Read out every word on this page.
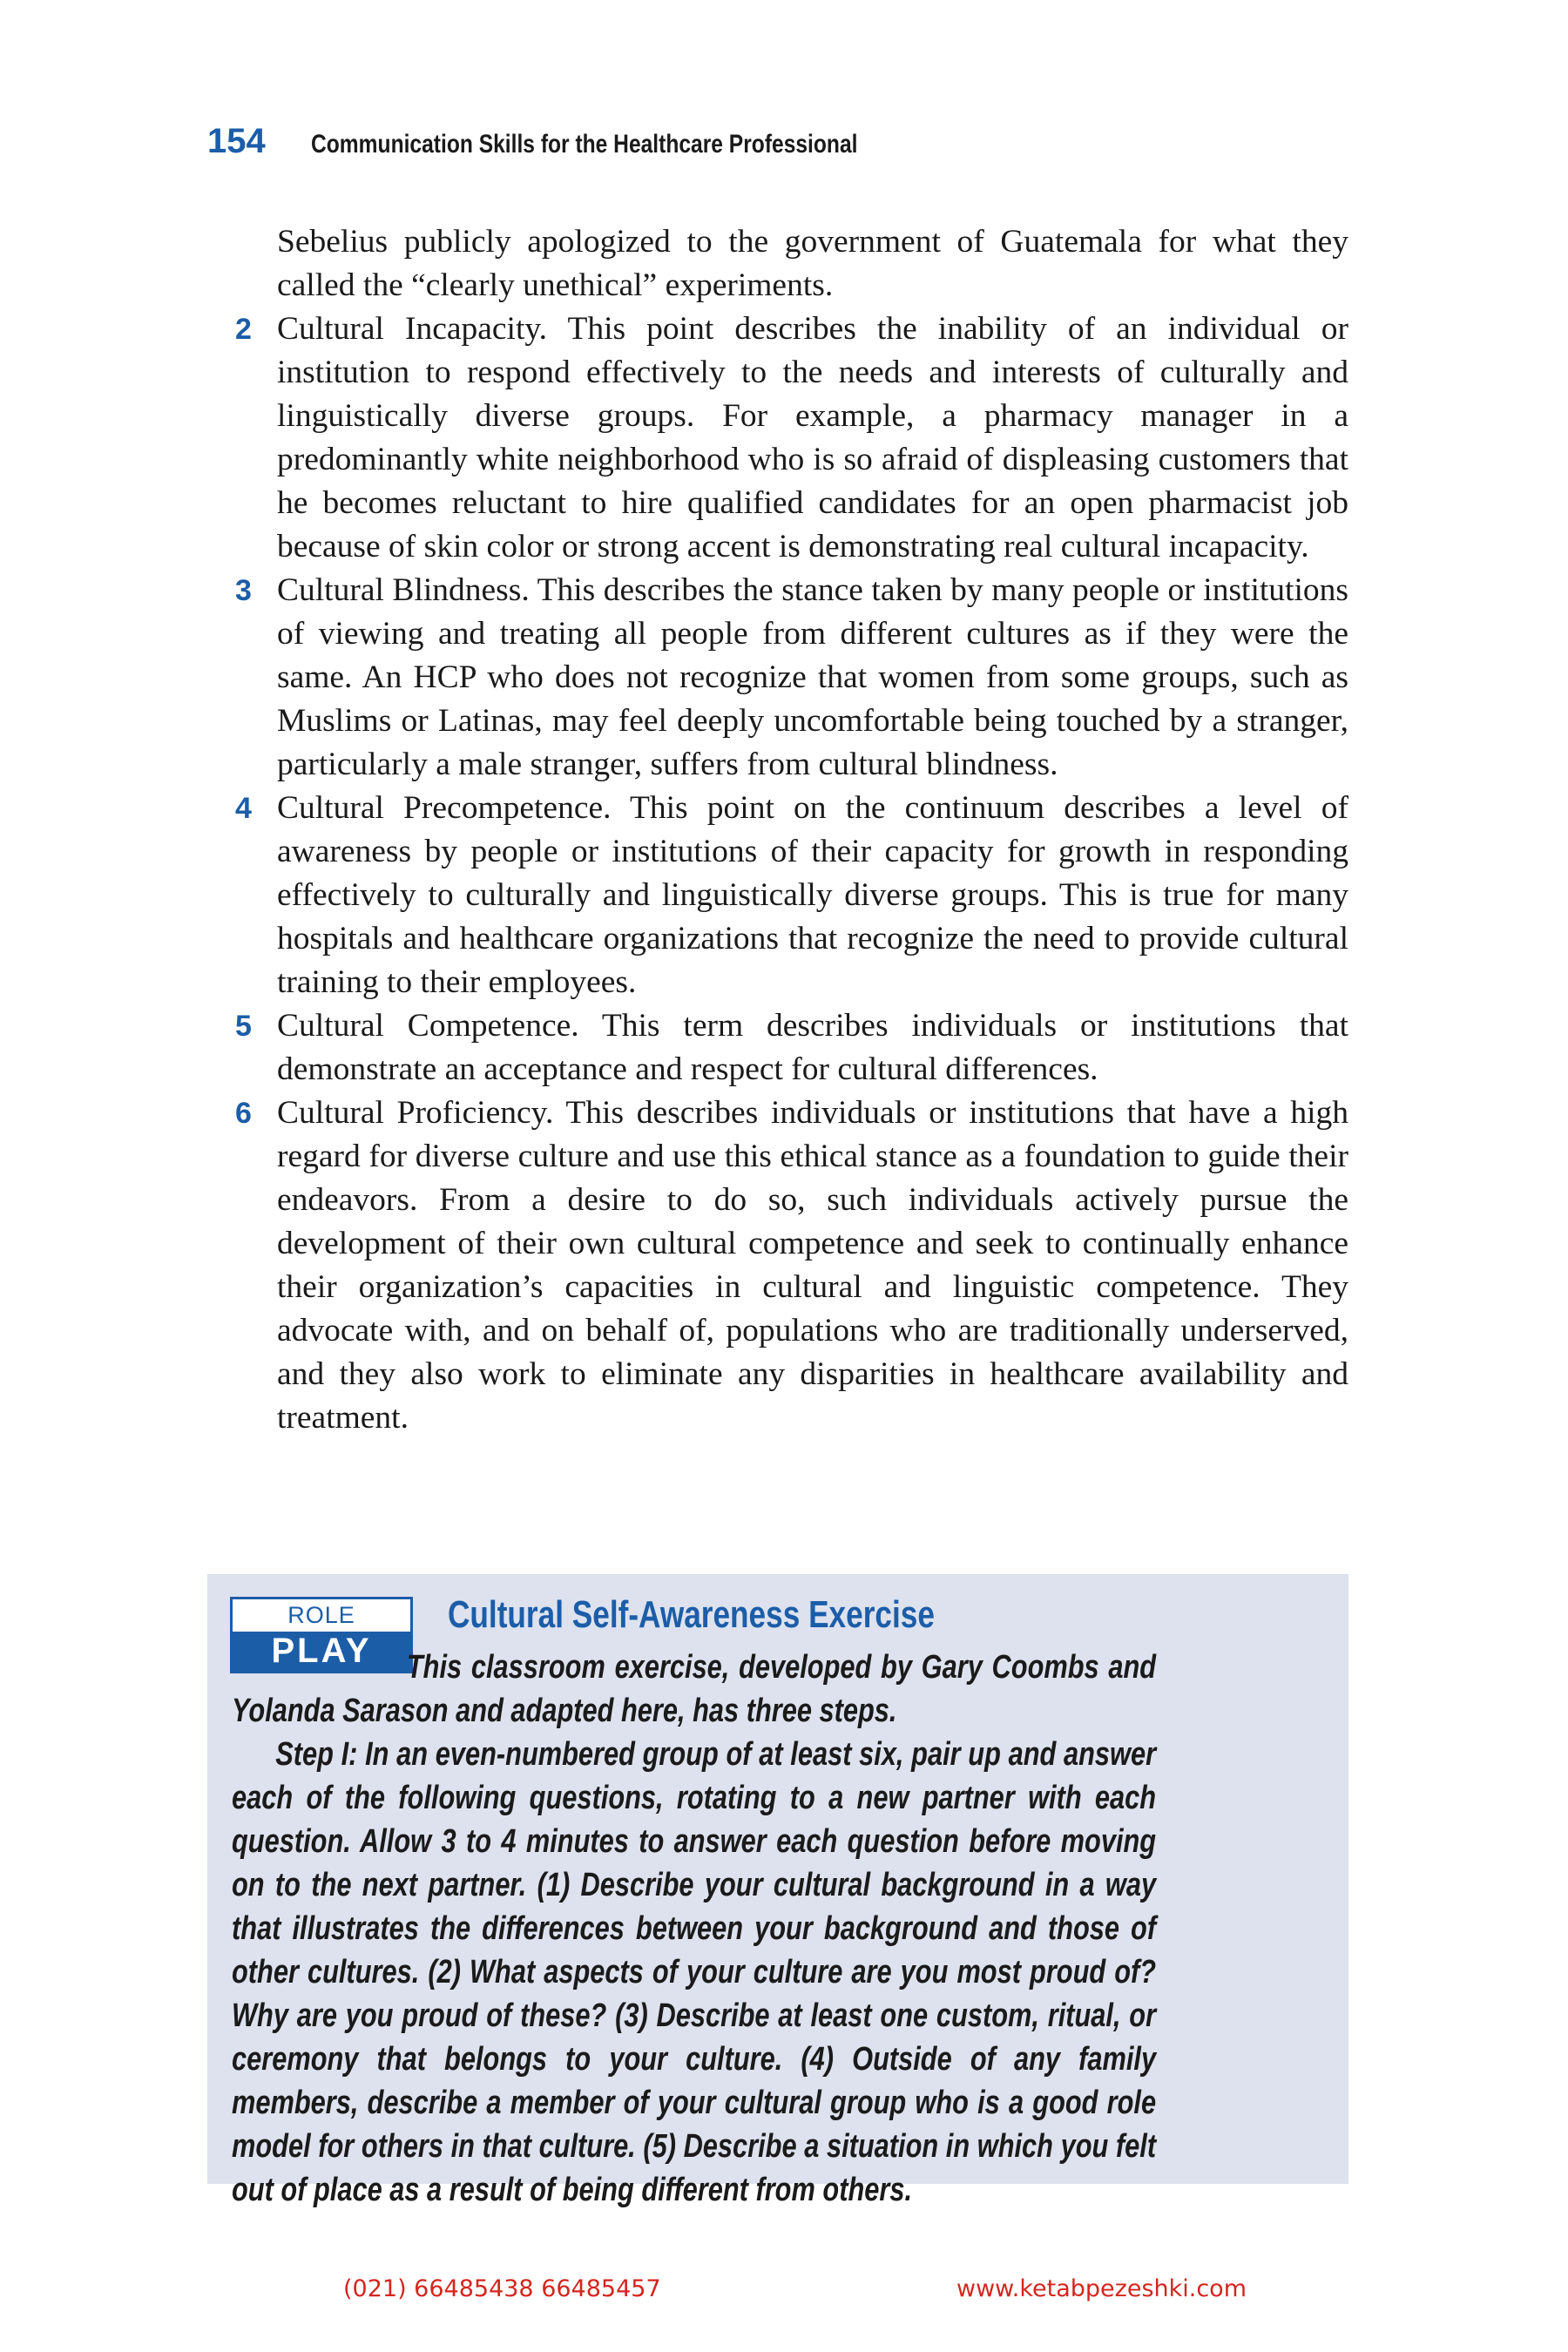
154 Communication Skills for the Healthcare Professional

Sebelius publicly apologized to the government of Guatemala for what they called the “clearly unethical” experiments.

2 Cultural Incapacity. This point describes the inability of an individual or institution to respond effectively to the needs and interests of culturally and linguistically diverse groups. For example, a pharmacy manager in a predominantly white neighborhood who is so afraid of displeasing customers that he becomes reluctant to hire qualified candidates for an open pharmacist job because of skin color or strong accent is demonstrating real cultural incapacity.
3 Cultural Blindness. This describes the stance taken by many people or institutions of viewing and treating all people from different cultures as if they were the same. An HCP who does not recognize that women from some groups, such as Muslims or Latinas, may feel deeply uncomfortable being touched by a stranger, particularly a male stranger, suffers from cultural blindness.
4 Cultural Precompetence. This point on the continuum describes a level of awareness by people or institutions of their capacity for growth in responding effectively to culturally and linguistically diverse groups. This is true for many hospitals and healthcare organizations that recognize the need to provide cultural training to their employees.
5 Cultural Competence. This term describes individuals or institutions that demonstrate an acceptance and respect for cultural differences.
6 Cultural Proficiency. This describes individuals or institutions that have a high regard for diverse culture and use this ethical stance as a foundation to guide their endeavors. From a desire to do so, such individuals actively pursue the development of their own cultural competence and seek to continually enhance their organization’s capacities in cultural and linguistic competence. They advocate with, and on behalf of, populations who are traditionally underserved, and they also work to eliminate any disparities in healthcare availability and treatment.
ROLE
PLAY
Cultural Self-Awareness Exercise

This classroom exercise, developed by Gary Coombs and Yolanda Sarason and adapted here, has three steps.

Step I: In an even-numbered group of at least six, pair up and answer each of the following questions, rotating to a new partner with each question. Allow 3 to 4 minutes to answer each question before moving on to the next partner. (1) Describe your cultural background in a way that illustrates the differences between your background and those of other cultures. (2) What aspects of your culture are you most proud of? Why are you proud of these? (3) Describe at least one custom, ritual, or ceremony that belongs to your culture. (4) Outside of any family members, describe a member of your cultural group who is a good role model for others in that culture. (5) Describe a situation in which you felt out of place as a result of being different from others.

(021) 66485438 66485457	www.ketabpezeshki.com
